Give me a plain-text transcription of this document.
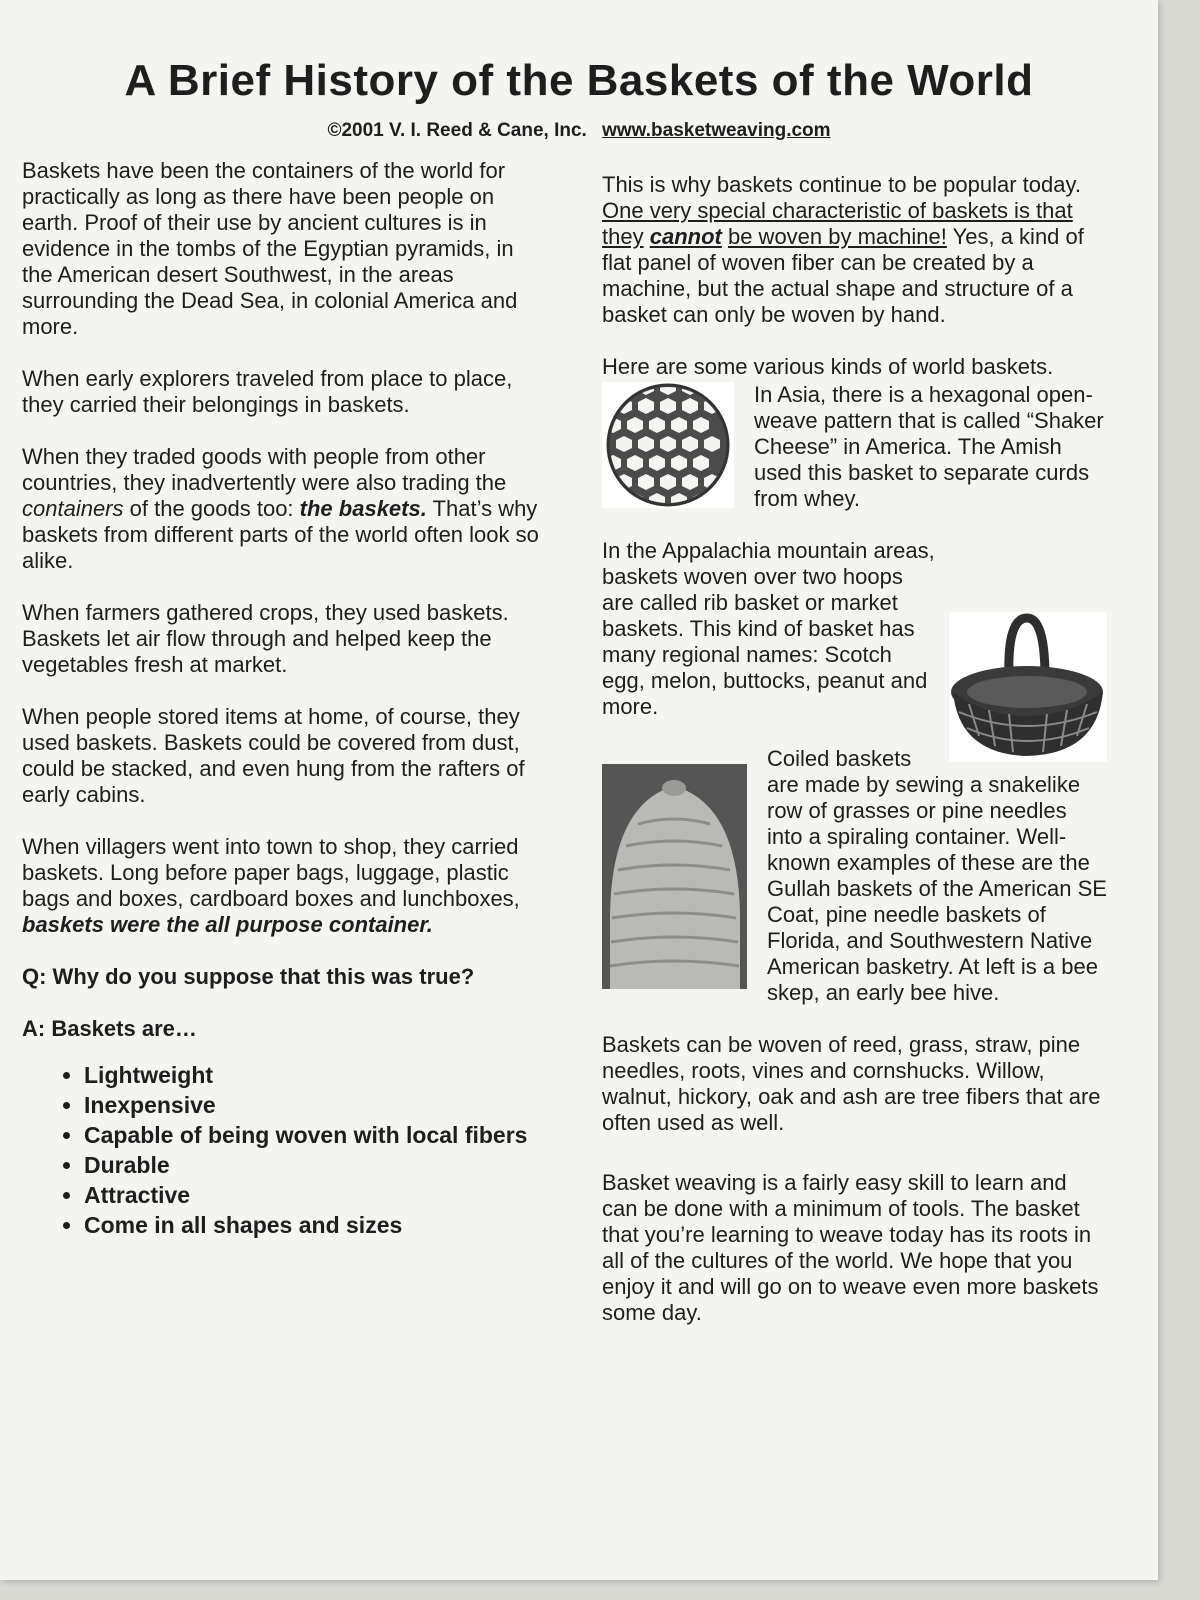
A Brief History of the Baskets of the World
©2001 V. I. Reed & Cane, Inc. www.basketweaving.com

Baskets have been the containers of the world for practically as long as there have been people on earth. Proof of their use by ancient cultures is in evidence in the tombs of the Egyptian pyramids, in the American desert Southwest, in the areas surrounding the Dead Sea, in colonial America and more.

When early explorers traveled from place to place, they carried their belongings in baskets.

When they traded goods with people from other countries, they inadvertently were also trading the containers of the goods too: the baskets. That’s why baskets from different parts of the world often look so alike.

When farmers gathered crops, they used baskets. Baskets let air flow through and helped keep the vegetables fresh at market.

When people stored items at home, of course, they used baskets. Baskets could be covered from dust, could be stacked, and even hung from the rafters of early cabins.

When villagers went into town to shop, they carried baskets. Long before paper bags, luggage, plastic bags and boxes, cardboard boxes and lunchboxes, baskets were the all purpose container.

Q: Why do you suppose that this was true?

A: Baskets are…

• Lightweight
• Inexpensive
• Capable of being woven with local fibers
• Durable
• Attractive
• Come in all shapes and sizes

This is why baskets continue to be popular today. One very special characteristic of baskets is that they cannot be woven by machine! Yes, a kind of flat panel of woven fiber can be created by a machine, but the actual shape and structure of a basket can only be woven by hand.

Here are some various kinds of world baskets.
In Asia, there is a hexagonal open-weave pattern that is called “Shaker Cheese” in America. The Amish used this basket to separate curds from whey.

In the Appalachia mountain areas, baskets woven over two hoops are called rib basket or market baskets. This kind of basket has many regional names: Scotch egg, melon, buttocks, peanut and more.

Coiled baskets are made by sewing a snakelike row of grasses or pine needles into a spiraling container. Well-known examples of these are the Gullah baskets of the American SE Coat, pine needle baskets of Florida, and Southwestern Native American basketry. At left is a bee skep, an early bee hive.

Baskets can be woven of reed, grass, straw, pine needles, roots, vines and cornshucks. Willow, walnut, hickory, oak and ash are tree fibers that are often used as well.

Basket weaving is a fairly easy skill to learn and can be done with a minimum of tools. The basket that you’re learning to weave today has its roots in all of the cultures of the world. We hope that you enjoy it and will go on to weave even more baskets some day.
